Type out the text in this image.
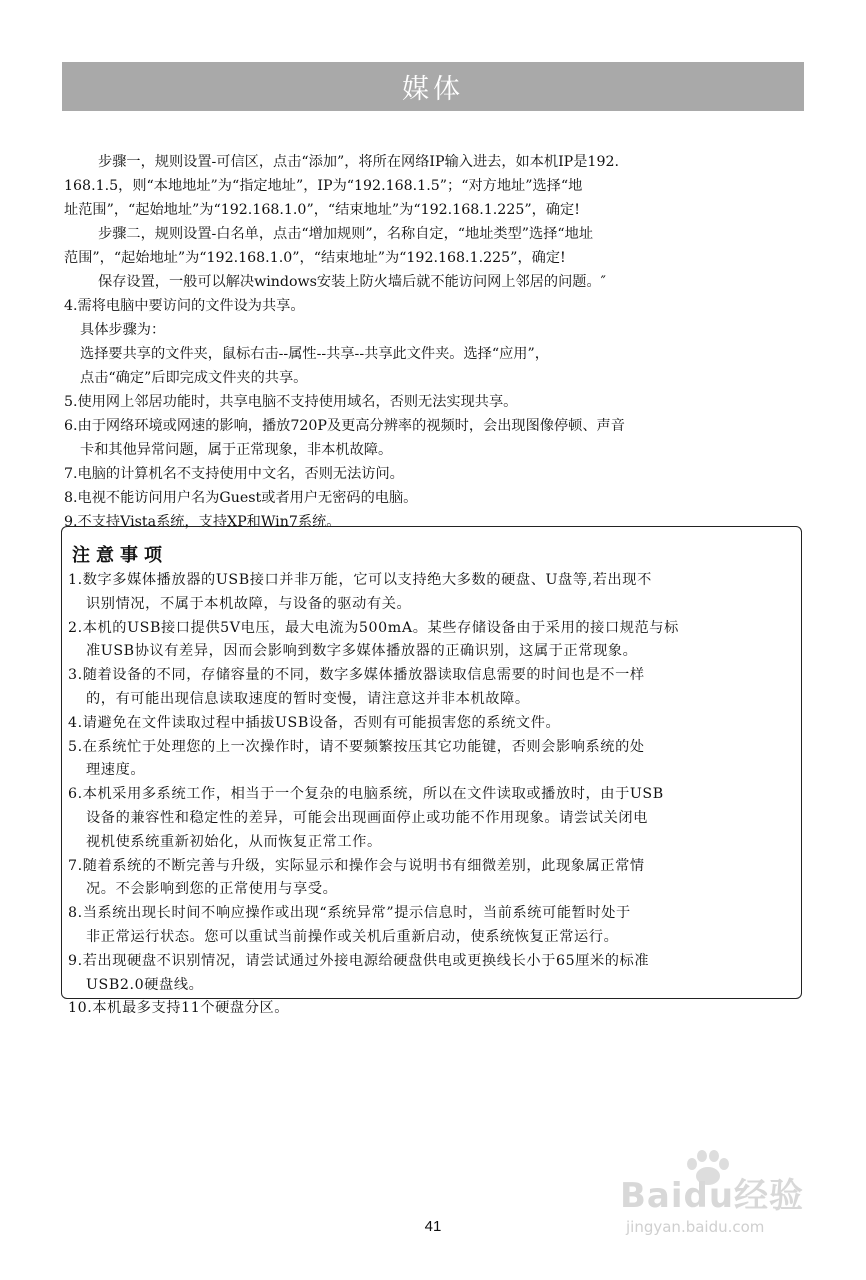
媒体

步骤一，规则设置-可信区，点击“添加”，将所在网络IP输入进去，如本机IP是192.

168.1.5，则“本地地址”为“指定地址”，IP为“192.168.1.5”；“对方地址”选择“地

址范围”，“起始地址”为“192.168.1.0”，“结束地址”为“192.168.1.225”，确定!

步骤二，规则设置-白名单，点击“增加规则”，名称自定，“地址类型”选择“地址

范围”，“起始地址”为“192.168.1.0”，“结束地址”为“192.168.1.225”，确定!

保存设置，一般可以解决windows安装上防火墙后就不能访问网上邻居的问题。″

4.需将电脑中要访问的文件设为共享。

具体步骤为：

选择要共享的文件夹，鼠标右击--属性--共享--共享此文件夹。选择“应用”，

点击“确定”后即完成文件夹的共享。

5.使用网上邻居功能时，共享电脑不支持使用域名，否则无法实现共享。

6.由于网络环境或网速的影响，播放720P及更高分辨率的视频时，会出现图像停顿、声音

卡和其他异常问题，属于正常现象，非本机故障。

7.电脑的计算机名不支持使用中文名，否则无法访问。

8.电视不能访问用户名为Guest或者用户无密码的电脑。

9.不支持Vista系统，支持XP和Win7系统。

注意事项

1.数字多媒体播放器的USB接口并非万能，它可以支持绝大多数的硬盘、U盘等,若出现不

识别情况，不属于本机故障，与设备的驱动有关。

2.本机的USB接口提供5V电压，最大电流为500mA。某些存储设备由于采用的接口规范与标

准USB协议有差异，因而会影响到数字多媒体播放器的正确识别，这属于正常现象。

3.随着设备的不同，存储容量的不同，数字多媒体播放器读取信息需要的时间也是不一样

的，有可能出现信息读取速度的暂时变慢，请注意这并非本机故障。

4.请避免在文件读取过程中插拔USB设备，否则有可能损害您的系统文件。

5.在系统忙于处理您的上一次操作时，请不要频繁按压其它功能键，否则会影响系统的处

理速度。

6.本机采用多系统工作，相当于一个复杂的电脑系统，所以在文件读取或播放时，由于USB

设备的兼容性和稳定性的差异，可能会出现画面停止或功能不作用现象。请尝试关闭电

视机使系统重新初始化，从而恢复正常工作。

7.随着系统的不断完善与升级，实际显示和操作会与说明书有细微差别，此现象属正常情

况。不会影响到您的正常使用与享受。

8.当系统出现长时间不响应操作或出现“系统异常”提示信息时，当前系统可能暂时处于

非正常运行状态。您可以重试当前操作或关机后重新启动，使系统恢复正常运行。

9.若出现硬盘不识别情况，请尝试通过外接电源给硬盘供电或更换线长小于65厘米的标准

USB2.0硬盘线。

10.本机最多支持11个硬盘分区。

41
Baidu经验
jingyan.baidu.com
